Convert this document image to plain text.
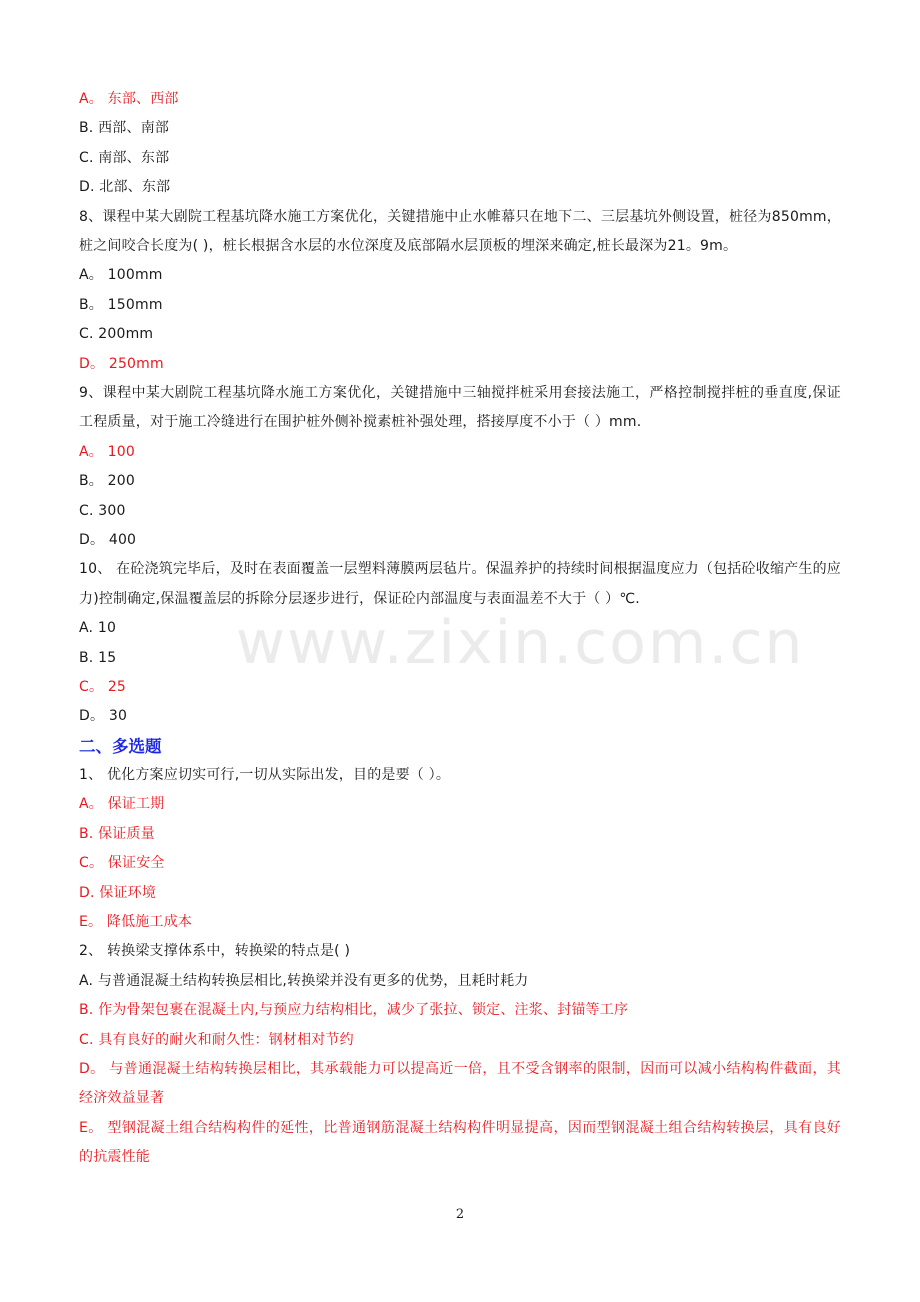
www.zixin.com.cn
A。 东部、西部
B. 西部、南部
C. 南部、东部
D. 北部、东部
8、课程中某大剧院工程基坑降水施工方案优化，关键措施中止水帷幕只在地下二、三层基坑外侧设置，桩径为850mm，桩之间咬合长度为( )，桩长根据含水层的水位深度及底部隔水层顶板的埋深来确定,桩长最深为21。9m。
A。 100mm
B。 150mm
C. 200mm
D。 250mm
9、课程中某大剧院工程基坑降水施工方案优化，关键措施中三轴搅拌桩采用套接法施工，严格控制搅拌桩的垂直度,保证工程质量，对于施工冷缝进行在围护桩外侧补搅素桩补强处理，搭接厚度不小于（ ）mm.
A。 100
B。 200
C. 300
D。 400
10、 在砼浇筑完毕后，及时在表面覆盖一层塑料薄膜两层毡片。保温养护的持续时间根据温度应力（包括砼收缩产生的应力)控制确定,保温覆盖层的拆除分层逐步进行，保证砼内部温度与表面温差不大于（ ）℃.
A. 10
B. 15
C。 25
D。 30
二、多选题
1、 优化方案应切实可行,一切从实际出发，目的是要（ ）。
A。 保证工期
B. 保证质量
C。 保证安全
D. 保证环境
E。 降低施工成本
2、 转换梁支撑体系中，转换梁的特点是( )
A. 与普通混凝土结构转换层相比,转换梁并没有更多的优势，且耗时耗力
B. 作为骨架包裹在混凝土内,与预应力结构相比，减少了张拉、锁定、注浆、封锚等工序
C. 具有良好的耐火和耐久性：钢材相对节约
D。 与普通混凝土结构转换层相比，其承载能力可以提高近一倍，且不受含钢率的限制，因而可以减小结构构件截面，其经济效益显著
E。 型钢混凝土组合结构构件的延性，比普通钢筋混凝土结构构件明显提高，因而型钢混凝土组合结构转换层，具有良好的抗震性能
2
